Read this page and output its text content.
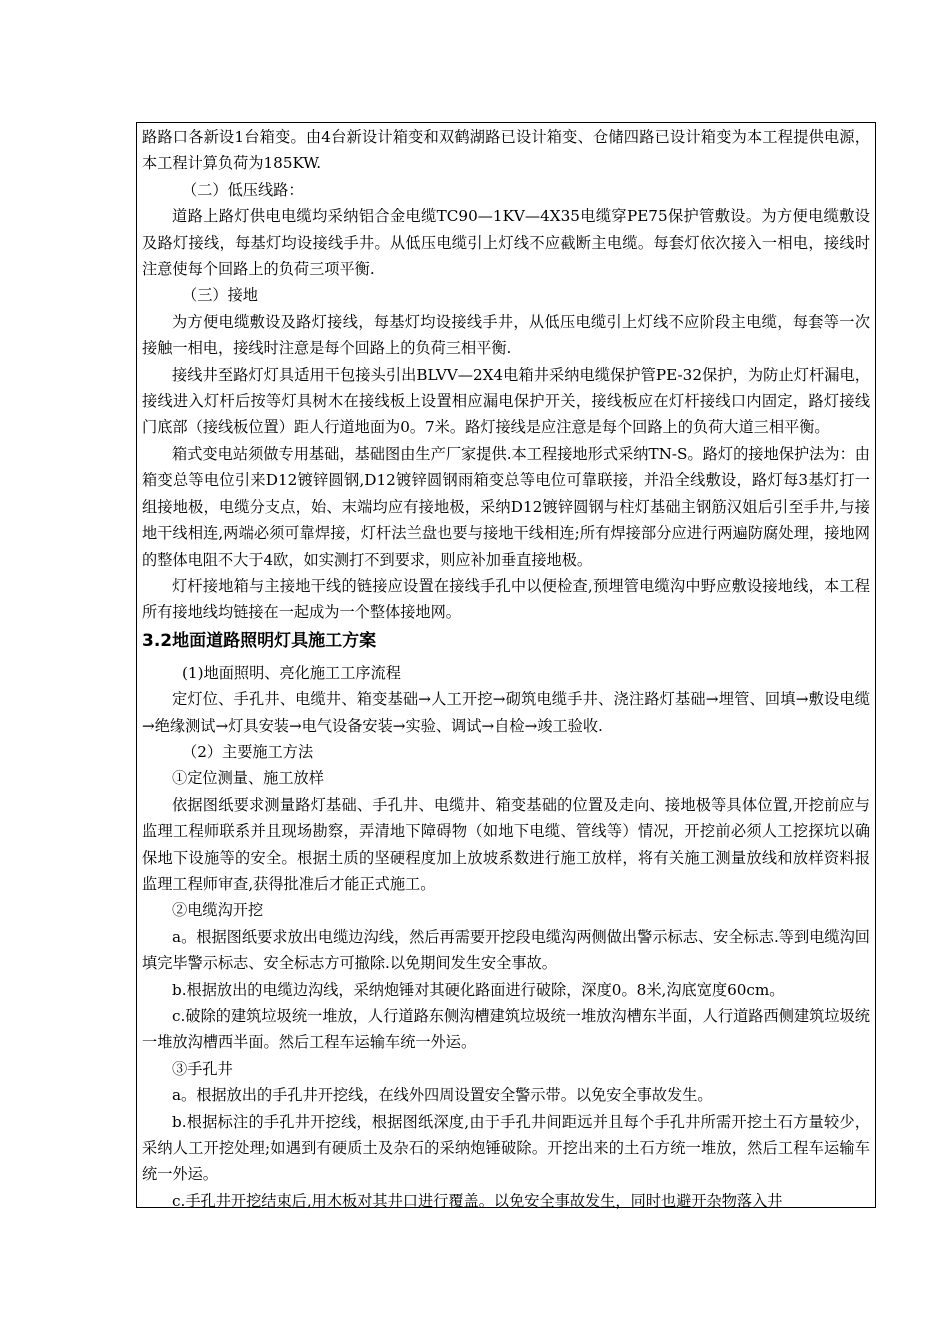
路路口各新设1台箱变。由4台新设计箱变和双鹤湖路已设计箱变、仓储四路已设计箱变为本工程提供电源，本工程计算负荷为185KW.

（二）低压线路：

道路上路灯供电电缆均采纳铝合金电缆TC90—1KV—4X35电缆穿PE75保护管敷设。为方便电缆敷设及路灯接线，每基灯均设接线手井。从低压电缆引上灯线不应截断主电缆。每套灯依次接入一相电，接线时注意使每个回路上的负荷三项平衡.

（三）接地

为方便电缆敷设及路灯接线，每基灯均设接线手井，从低压电缆引上灯线不应阶段主电缆，每套等一次接触一相电，接线时注意是每个回路上的负荷三相平衡.

接线井至路灯灯具适用干包接头引出BLVV—2X4电箱井采纳电缆保护管PE-32保护，为防止灯杆漏电，接线进入灯杆后按等灯具树木在接线板上设置相应漏电保护开关，接线板应在灯杆接线口内固定，路灯接线门底部（接线板位置）距人行道地面为0。7米。路灯接线是应注意是每个回路上的负荷大道三相平衡。

箱式变电站须做专用基础，基础图由生产厂家提供.本工程接地形式采纳TN-S。路灯的接地保护法为：由箱变总等电位引来D12镀锌圆钢,D12镀锌圆钢雨箱变总等电位可靠联接，并沿全线敷设，路灯每3基灯打一组接地极，电缆分支点，始、末端均应有接地极，采纳D12镀锌圆钢与柱灯基础主钢筋汉姐后引至手井,与接地干线相连,两端必须可靠焊接，灯杆法兰盘也要与接地干线相连;所有焊接部分应进行两遍防腐处理，接地网的整体电阻不大于4欧，如实测打不到要求，则应补加垂直接地极。

灯杆接地箱与主接地干线的链接应设置在接线手孔中以便检查,预埋管电缆沟中野应敷设接地线，本工程所有接地线均链接在一起成为一个整体接地网。

3.2地面道路照明灯具施工方案

(1)地面照明、亮化施工工序流程

定灯位、手孔井、电缆井、箱变基础→人工开挖→砌筑电缆手井、浇注路灯基础→埋管、回填→敷设电缆→绝缘测试→灯具安装→电气设备安装→实验、调试→自检→竣工验收.

（2）主要施工方法

①定位测量、施工放样

依据图纸要求测量路灯基础、手孔井、电缆井、箱变基础的位置及走向、接地极等具体位置,开挖前应与监理工程师联系并且现场勘察，弄清地下障碍物（如地下电缆、管线等）情况，开挖前必须人工挖探坑以确保地下设施等的安全。根据土质的坚硬程度加上放坡系数进行施工放样，将有关施工测量放线和放样资料报监理工程师审查,获得批准后才能正式施工。

②电缆沟开挖

a。根据图纸要求放出电缆边沟线，然后再需要开挖段电缆沟两侧做出警示标志、安全标志.等到电缆沟回填完毕警示标志、安全标志方可撤除.以免期间发生安全事故。

b.根据放出的电缆边沟线，采纳炮锤对其硬化路面进行破除，深度0。8米,沟底宽度60cm。

c.破除的建筑垃圾统一堆放，人行道路东侧沟槽建筑垃圾统一堆放沟槽东半面，人行道路西侧建筑垃圾统一堆放沟槽西半面。然后工程车运输车统一外运。

③手孔井

a。根据放出的手孔井开挖线，在线外四周设置安全警示带。以免安全事故发生。

b.根据标注的手孔井开挖线，根据图纸深度,由于手孔井间距远并且每个手孔井所需开挖土石方量较少，采纳人工开挖处理;如遇到有硬质土及杂石的采纳炮锤破除。开挖出来的土石方统一堆放，然后工程车运输车统一外运。

c.手孔井开挖结束后,用木板对其井口进行覆盖。以免安全事故发生，同时也避开杂物落入井
